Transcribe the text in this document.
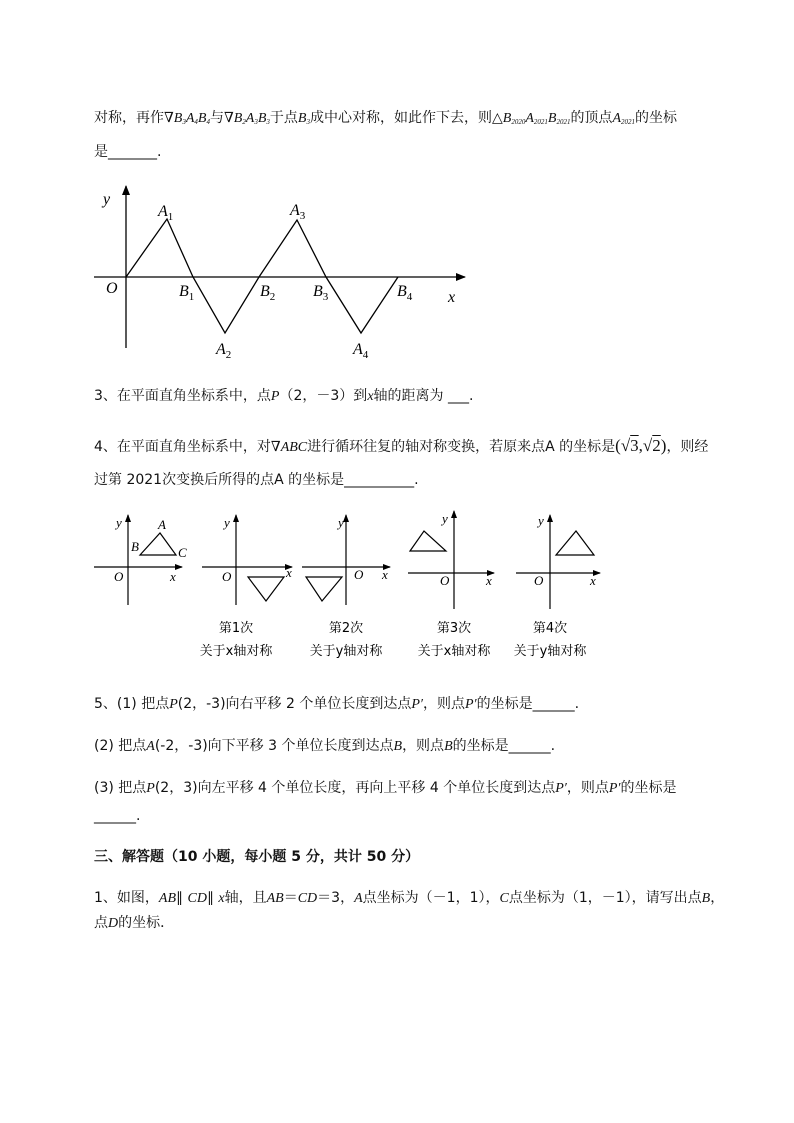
对称，再作$\nabla B_3A_4B_4$与$\nabla B_2A_3B_3$于点$B_3$成中心对称，如此作下去，则$\triangle B_{2020}A_{2021}B_{2021}$的顶点$A_{2021}$的坐标
是_______.
y
x
O
$A_1$	$A_3$
$A_2$	$A_4$
$B_1$	$B_2$ $B_3$	$B_4$
3、在平面直角坐标系中，点P（2，－3）到x轴的距离为 ___.
4、在平面直角坐标系中，对∇ABC进行循环往复的轴对称变换，若原来点A 的坐标是(√3,√2)，则经
过第 2021次变换后所得的点A 的坐标是__________.
y
x
O
A
B	C
y
x
O
y
x
O
y
x
O
y
x
O
第1次
关于x轴对称
第2次
关于y轴对称
第3次
关于x轴对称
第4次
关于y轴对称
5、(1) 把点P(2，-3)向右平移 2 个单位长度到达点P′，则点P′的坐标是______.
(2) 把点A(-2，-3)向下平移 3 个单位长度到达点B，则点B的坐标是______.
(3) 把点P(2，3)向左平移 4 个单位长度，再向上平移 4 个单位长度到达点P′，则点P′的坐标是
______.
三、解答题（10 小题，每小题 5 分，共计 50 分）
1、如图，AB∥ CD∥ x轴，且AB＝CD＝3，A点坐标为（－1，1），C点坐标为（1，－1），请写出点B，
点D的坐标．
